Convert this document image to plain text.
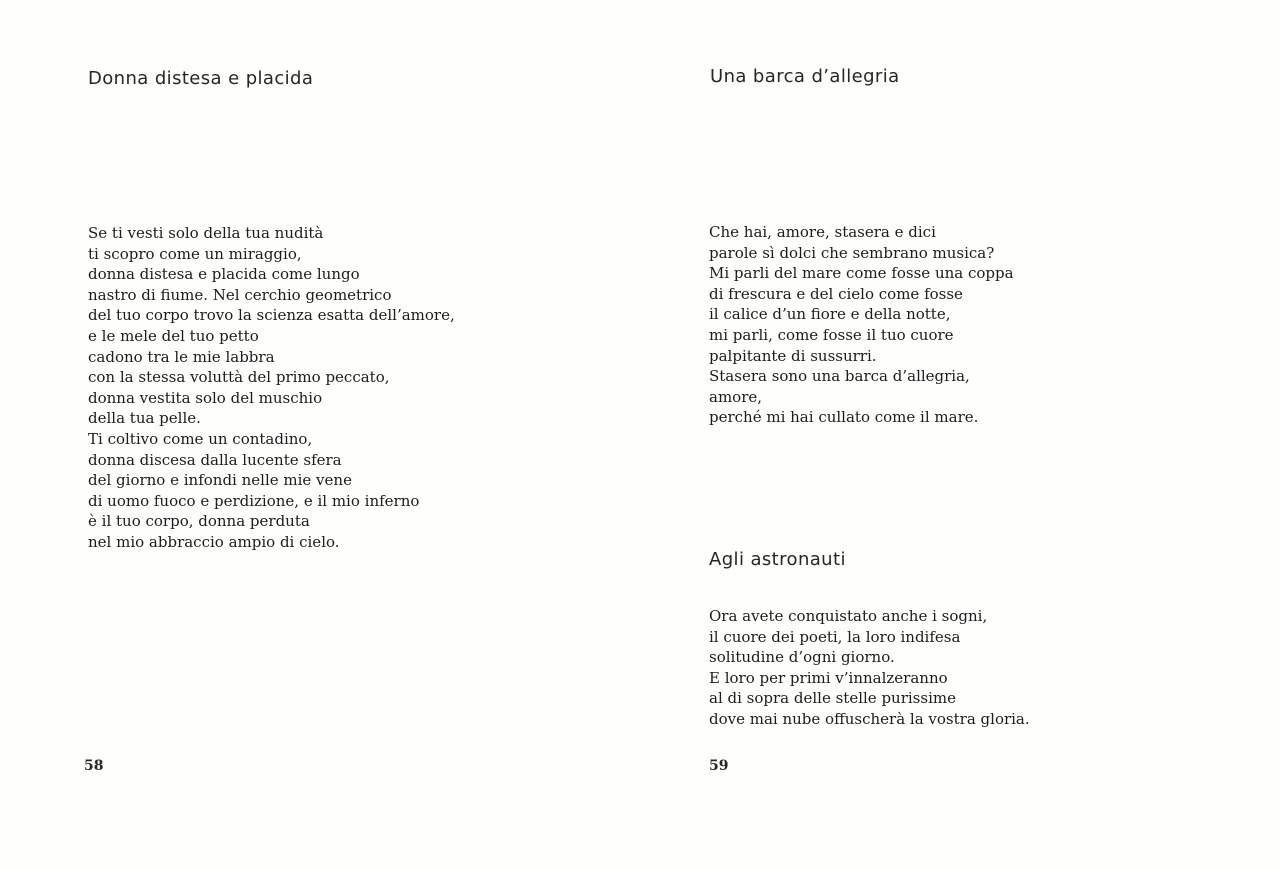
Donna distesa e placida
Se ti vesti solo della tua nudità
ti scopro come un miraggio,
donna distesa e placida come lungo
nastro di fiume. Nel cerchio geometrico
del tuo corpo trovo la scienza esatta dell’amore,
e le mele del tuo petto
cadono tra le mie labbra
con la stessa voluttà del primo peccato,
donna vestita solo del muschio
della tua pelle.
Ti coltivo come un contadino,
donna discesa dalla lucente sfera
del giorno e infondi nelle mie vene
di uomo fuoco e perdizione, e il mio inferno
è il tuo corpo, donna perduta
nel mio abbraccio ampio di cielo.
58
Una barca d’allegria
Che hai, amore, stasera e dici
parole sì dolci che sembrano musica?
Mi parli del mare come fosse una coppa
di frescura e del cielo come fosse
il calice d’un fiore e della notte,
mi parli, come fosse il tuo cuore
palpitante di sussurri.
Stasera sono una barca d’allegria,
amore,
perché mi hai cullato come il mare.
Agli astronauti
Ora avete conquistato anche i sogni,
il cuore dei poeti, la loro indifesa
solitudine d’ogni giorno.
E loro per primi v’innalzeranno
al di sopra delle stelle purissime
dove mai nube offuscherà la vostra gloria.
59
